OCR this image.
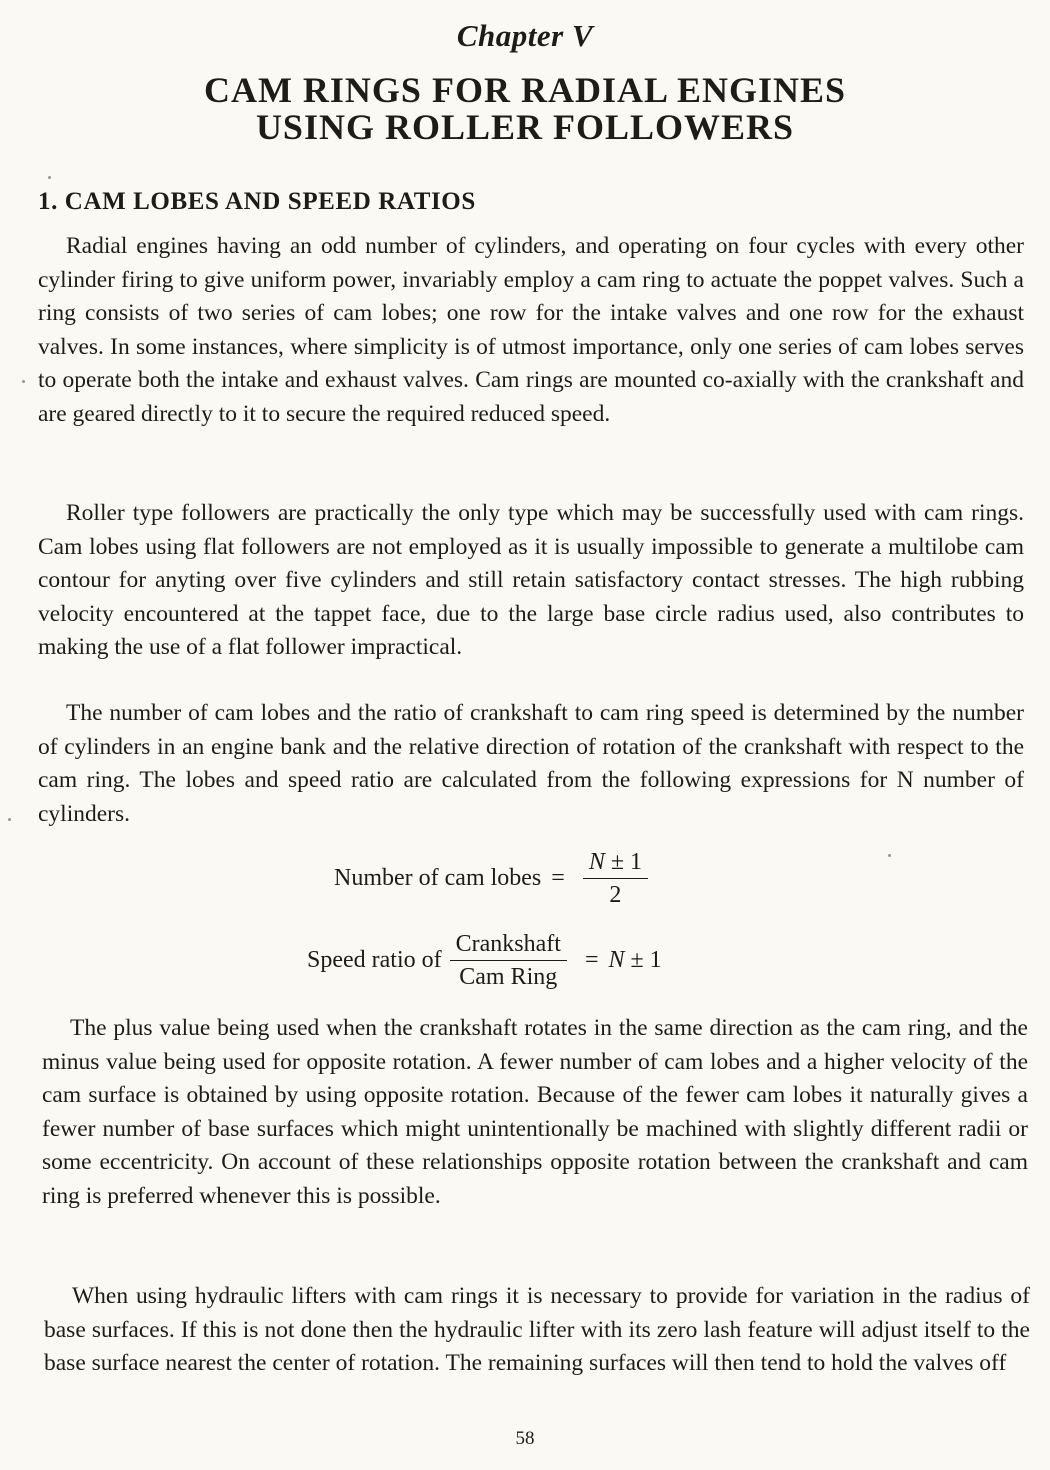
Chapter V
CAM RINGS FOR RADIAL ENGINES
USING ROLLER FOLLOWERS
1. CAM LOBES AND SPEED RATIOS

Radial engines having an odd number of cylinders, and operating on four cycles with every other cylinder firing to give uniform power, invariably employ a cam ring to actuate the poppet valves. Such a ring consists of two series of cam lobes; one row for the intake valves and one row for the exhaust valves. In some instances, where simplicity is of utmost importance, only one series of cam lobes serves to operate both the intake and exhaust valves. Cam rings are mounted co-axially with the crankshaft and are geared directly to it to secure the required reduced speed.

Roller type followers are practically the only type which may be successfully used with cam rings. Cam lobes using flat followers are not employed as it is usually impossible to generate a multilobe cam contour for anyting over five cylinders and still retain satisfactory contact stresses. The high rubbing velocity encountered at the tappet face, due to the large base circle radius used, also contributes to making the use of a flat follower impractical.

The number of cam lobes and the ratio of crankshaft to cam ring speed is determined by the number of cylinders in an engine bank and the relative direction of rotation of the crankshaft with respect to the cam ring. The lobes and speed ratio are calculated from the following expressions for N number of cylinders.

Number of cam lobes = $\frac{N \pm 1}{2}$
Speed ratio of $\frac{\text{Crankshaft}}{\text{Cam Ring}} = N$
± 1

The plus value being used when the crankshaft rotates in the same direction as the cam ring, and the minus value being used for opposite rotation. A fewer number of cam lobes and a higher velocity of the cam surface is obtained by using opposite rotation. Because of the fewer cam lobes it naturally gives a fewer number of base surfaces which might unintentionally be machined with slightly different radii or some eccentricity. On account of these relationships opposite rotation between the crankshaft and cam ring is preferred whenever this is possible.

When using hydraulic lifters with cam rings it is necessary to provide for variation in the radius of base surfaces. If this is not done then the hydraulic lifter with its zero lash feature will adjust itself to the base surface nearest the center of rotation. The remaining surfaces will then tend to hold the valves off

58
